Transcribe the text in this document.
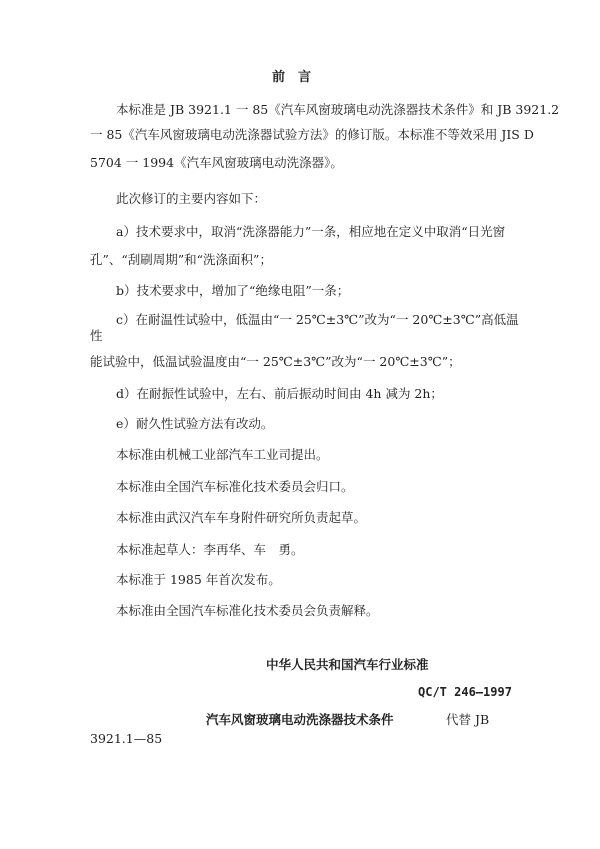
前　言
本标准是 JB 3921.1 一 85《汽车风窗玻璃电动洗涤器技术条件》和 JB 3921.2
一 85《汽车风窗玻璃电动洗涤器试验方法》的修订版。本标准不等效采用 JIS D
5704 一 1994《汽车风窗玻璃电动洗涤器》。
此次修订的主要内容如下：
a）技术要求中，取消“洗涤器能力”一条，相应地在定义中取消“日光窗
孔”、“刮刷周期”和“洗涤面积”；
b）技术要求中，增加了“绝缘电阻”一条；
c）在耐温性试验中，低温由“一 25℃±3℃”改为“一 20℃±3℃”高低温
性
能试验中，低温试验温度由“一 25℃±3℃”改为“一 20℃±3℃”；
d）在耐振性试验中，左右、前后振动时间由 4h 减为 2h；
e）耐久性试验方法有改动。
本标准由机械工业部汽车工业司提出。
本标准由全国汽车标准化技术委员会归口。
本标准由武汉汽车车身附件研究所负责起草。
本标准起草人：李再华、车　勇。
本标准于 1985 年首次发布。
本标准由全国汽车标准化技术委员会负责解释。
中华人民共和国汽车行业标准
QC/T 246—1997
汽车风窗玻璃电动洗涤器技术条件	代替 JB
3921.1—85
